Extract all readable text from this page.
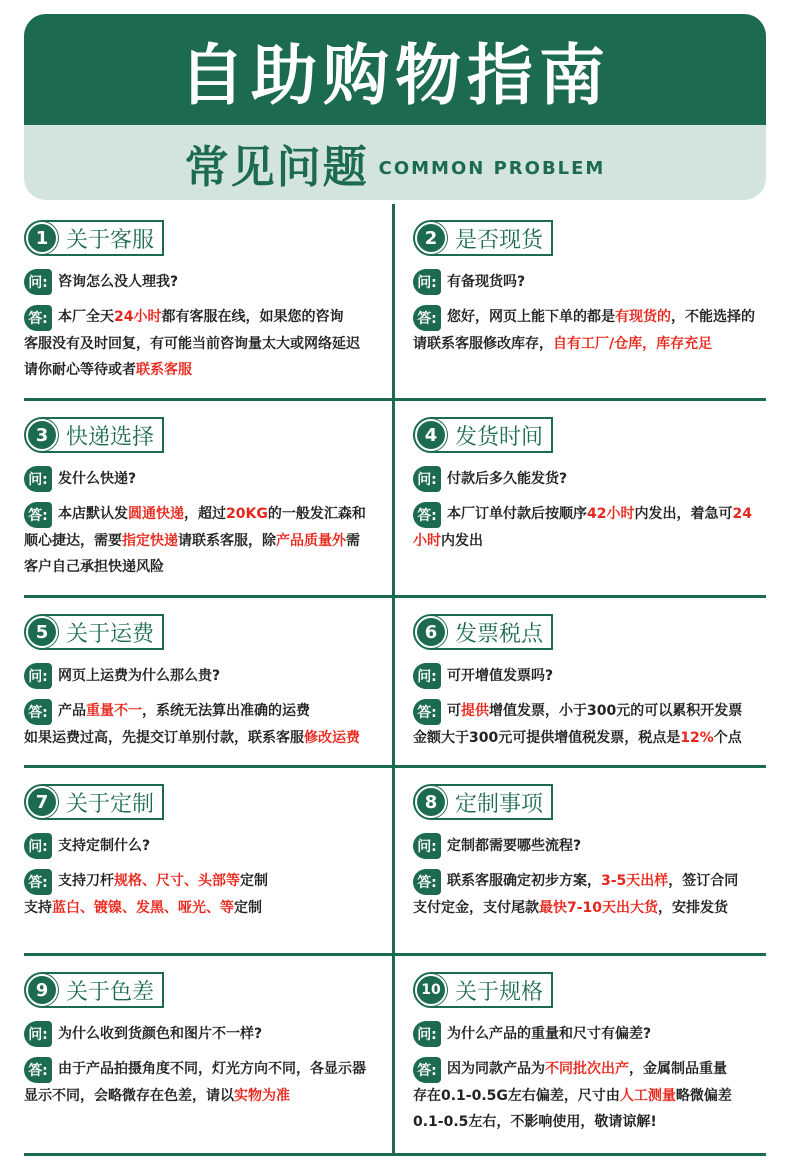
自助购物指南
常见问题 COMMON PROBLEM
1 关于客服
问: 咨询怎么没人理我?
答: 本厂全天24小时都有客服在线，如果您的咨询
客服没有及时回复，有可能当前咨询量太大或网络延迟
请你耐心等待或者联系客服
2 是否现货
问: 有备现货吗?
答: 您好，网页上能下单的都是有现货的，不能选择的
请联系客服修改库存，自有工厂/仓库，库存充足
3 快递选择
问: 发什么快递?
答: 本店默认发圆通快递，超过20KG的一般发汇森和
顺心捷达，需要指定快递请联系客服，除产品质量外需
客户自己承担快递风险
4 发货时间
问: 付款后多久能发货?
答: 本厂订单付款后按顺序42小时内发出，着急可24
小时内发出
5 关于运费
问: 网页上运费为什么那么贵?
答: 产品重量不一，系统无法算出准确的运费
如果运费过高，先提交订单别付款，联系客服修改运费
6 发票税点
问: 可开增值发票吗?
答: 可提供增值发票，小于300元的可以累积开发票
金额大于300元可提供增值税发票，税点是12%个点
7 关于定制
问: 支持定制什么?
答: 支持刀杆规格、尺寸、头部等定制
支持蓝白、镀镍、发黑、哑光、等定制
8 定制事项
问: 定制都需要哪些流程?
答: 联系客服确定初步方案，3-5天出样，签订合同
支付定金，支付尾款最快7-10天出大货，安排发货
9 关于色差
问: 为什么收到货颜色和图片不一样?
答: 由于产品拍摄角度不同，灯光方向不同，各显示器
显示不同，会略微存在色差，请以实物为准
10 关于规格
问: 为什么产品的重量和尺寸有偏差?
答: 因为同款产品为不同批次出产，金属制品重量
存在0.1-0.5G左右偏差，尺寸由人工测量略微偏差
0.1-0.5左右，不影响使用，敬请谅解!
